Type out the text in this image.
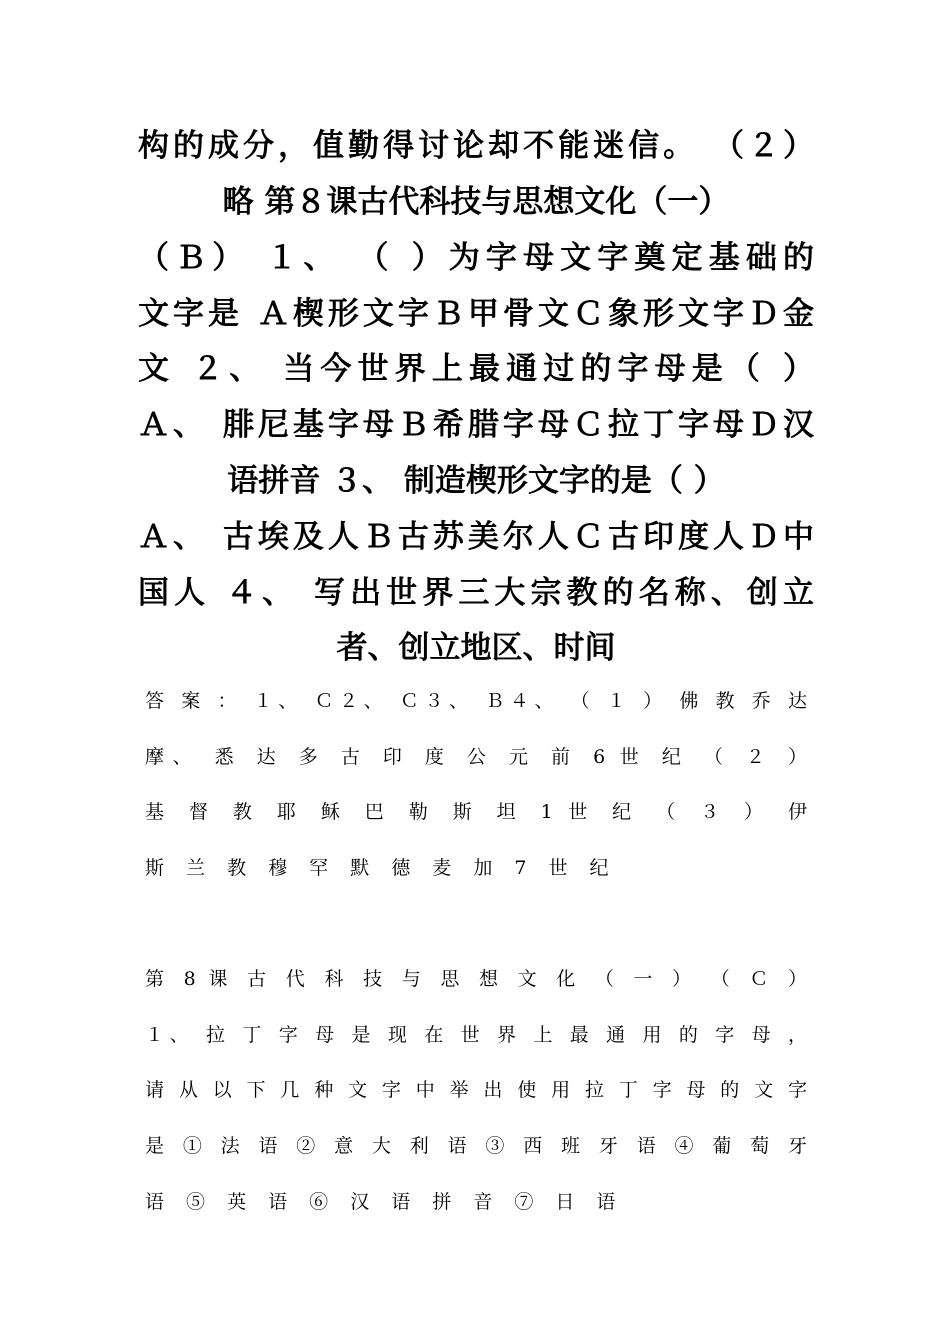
构的成分，值勤得讨论却不能迷信。 （２）

略 第８课古代科技与思想文化（一）

（Ｂ） １、 （ ）为字母文字奠定基础的

文字是 Ａ楔形文字Ｂ甲骨文Ｃ象形文字Ｄ金

文 ２、 当今世界上最通过的字母是（ ）

Ａ、 腓尼基字母Ｂ希腊字母Ｃ拉丁字母Ｄ汉

语拼音 ３、 制造楔形文字的是（ ）

Ａ、 古埃及人Ｂ古苏美尔人Ｃ古印度人Ｄ中

国人 ４、 写出世界三大宗教的名称、创立

者、创立地区、时间

答 案 ： １、 Ｃ２、 Ｃ３、 Ｂ４、 （ １ ） 佛 教 乔 达

摩、 悉 达 多 古 印 度 公 元 前 6 世 纪 （ ２ ）

基 督 教 耶 稣 巴 勒 斯 坦 1 世 纪 （ ３ ） 伊

斯 兰 教 穆 罕 默 德 麦 加 7 世 纪

第 8 课 古 代 科 技 与 思 想 文 化 （ 一 ） （ Ｃ ）

１、 拉 丁 字 母 是 现 在 世 界 上 最 通 用 的 字 母 ，

请 从 以 下 几 种 文 字 中 举 出 使 用 拉 丁 字 母 的 文 字

是 ① 法 语 ② 意 大 利 语 ③ 西 班 牙 语 ④ 葡 萄 牙

语 ⑤ 英 语 ⑥ 汉 语 拼 音 ⑦ 日 语
